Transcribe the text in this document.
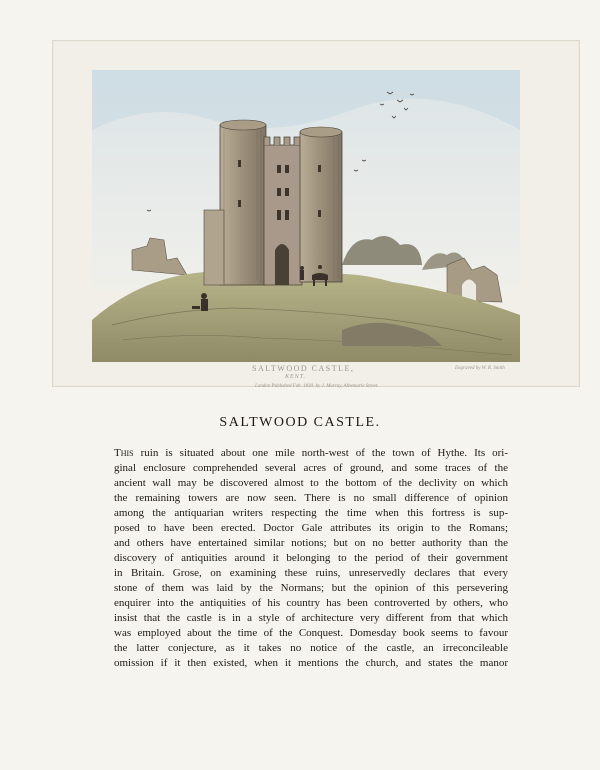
SALTWOOD CASTLE,
KENT.
London Published Feb. 1830. by J. Murray, Albemarle Street.
Engraved by W. R. Smith
SALTWOOD CASTLE.

This ruin is situated about one mile north-west of the town of Hythe. Its ori-

ginal enclosure comprehended several acres of ground, and some traces of the

ancient wall may be discovered almost to the bottom of the declivity on which

the remaining towers are now seen. There is no small difference of opinion

among the antiquarian writers respecting the time when this fortress is sup-

posed to have been erected. Doctor Gale attributes its origin to the Romans;

and others have entertained similar notions; but on no better authority than the

discovery of antiquities around it belonging to the period of their government

in Britain. Grose, on examining these ruins, unreservedly declares that every

stone of them was laid by the Normans; but the opinion of this persevering

enquirer into the antiquities of his country has been controverted by others, who

insist that the castle is in a style of architecture very different from that which

was employed about the time of the Conquest. Domesday book seems to favour

the latter conjecture, as it takes no notice of the castle, an irreconcileable

omission if it then existed, when it mentions the church, and states the manor
